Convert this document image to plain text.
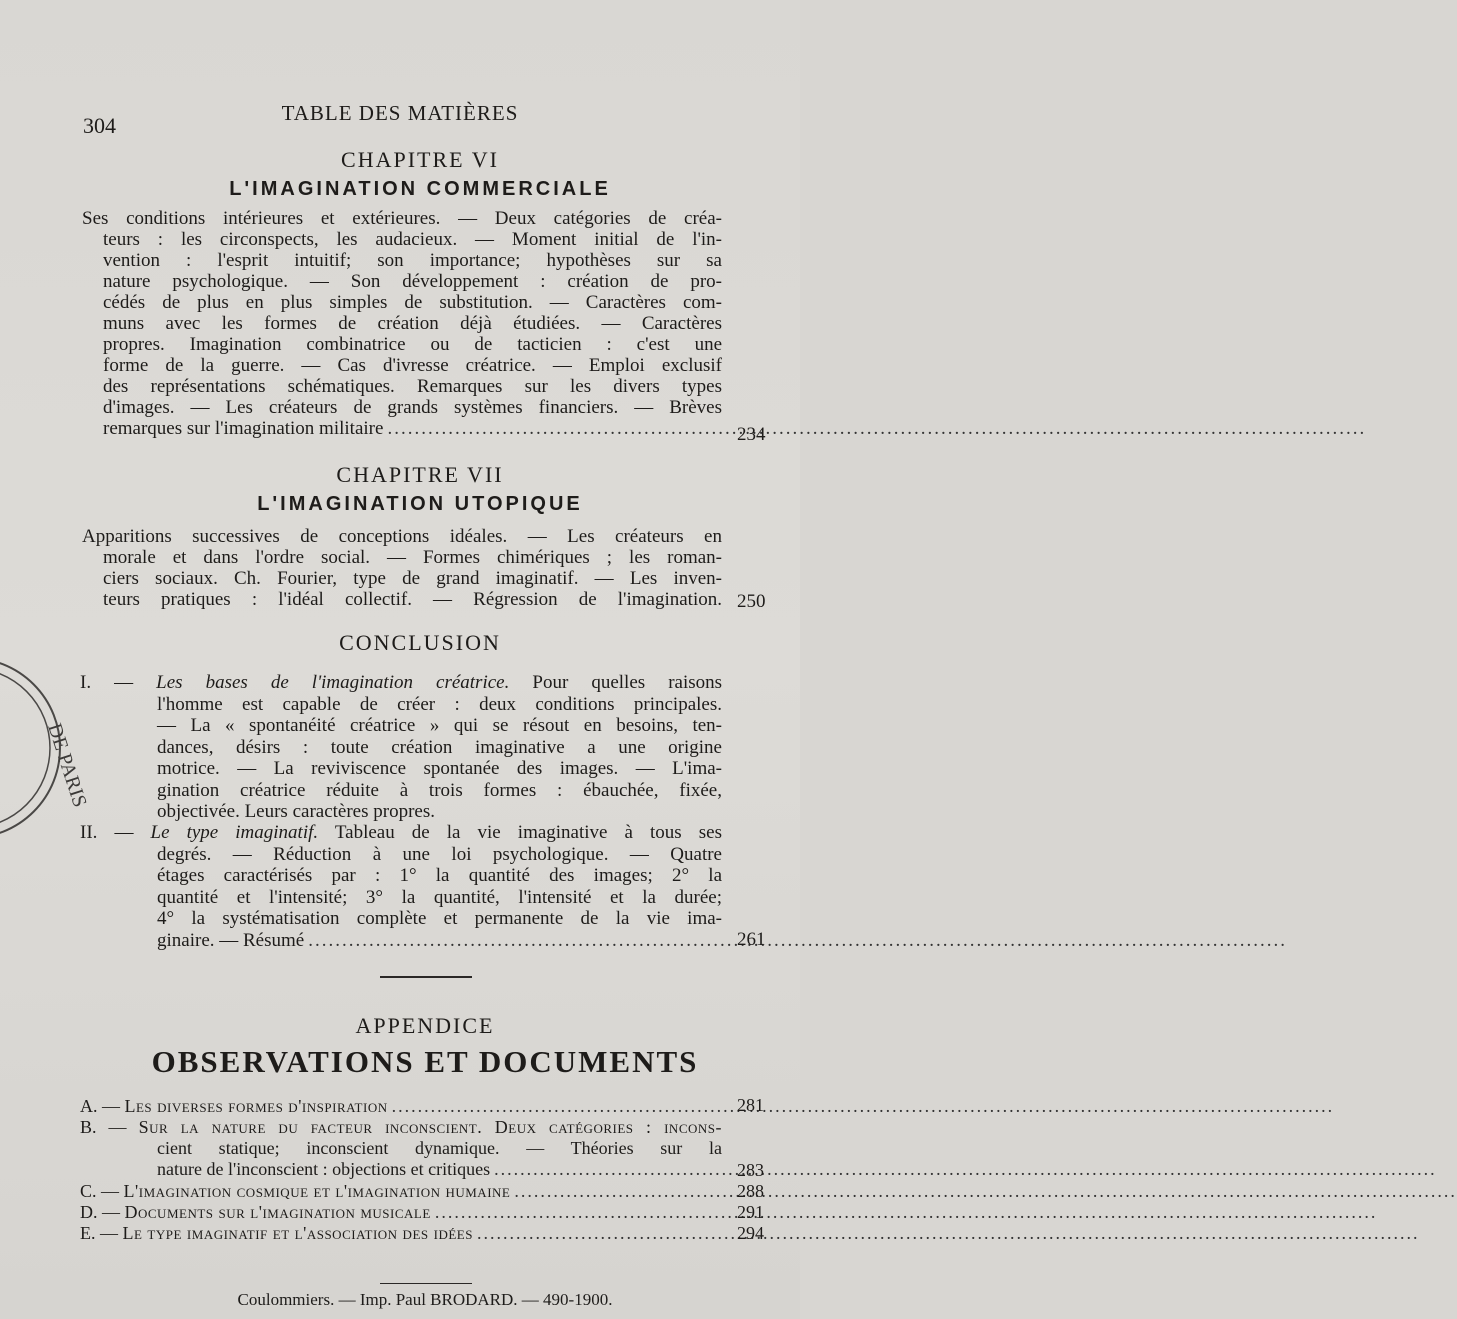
DE PARIS
304	TABLE DES MATIÈRES
CHAPITRE VI
L'IMAGINATION COMMERCIALE
Ses conditions intérieures et extérieures. — Deux catégories de créa-
teurs : les circonspects, les audacieux. — Moment initial de l'in-
vention : l'esprit intuitif; son importance; hypothèses sur sa
nature psychologique. — Son développement : création de pro-
cédés de plus en plus simples de substitution. — Caractères com-
muns avec les formes de création déjà étudiées. — Caractères
propres. Imagination combinatrice ou de tacticien : c'est une
forme de la guerre. — Cas d'ivresse créatrice. — Emploi exclusif
des représentations schématiques. Remarques sur les divers types
d'images. — Les créateurs de grands systèmes financiers. — Brèves
remarques sur l'imagination militaire .....	234
CHAPITRE VII
L'IMAGINATION UTOPIQUE
Apparitions successives de conceptions idéales. — Les créateurs en
morale et dans l'ordre social. — Formes chimériques ; les roman-
ciers sociaux. Ch. Fourier, type de grand imaginatif. — Les inven-
teurs pratiques : l'idéal collectif. — Régression de l'imagination. 250
CONCLUSION
I. — Les bases de l'imagination créatrice. Pour quelles raisons
l'homme est capable de créer : deux conditions principales.
— La « spontanéité créatrice » qui se résout en besoins, ten-
dances, désirs : toute création imaginative a une origine
motrice. — La reviviscence spontanée des images. — L'ima-
gination créatrice réduite à trois formes : ébauchée, fixée,
objectivée. Leurs caractères propres.
II. — Le type imaginatif. Tableau de la vie imaginative à tous ses
degrés. — Réduction à une loi psychologique. — Quatre
étages caractérisés par : 1° la quantité des images; 2° la
quantité et l'intensité; 3° la quantité, l'intensité et la durée;
4° la systématisation complète et permanente de la vie ima-
ginaire. — Résumé .....	261
APPENDICE
OBSERVATIONS ET DOCUMENTS
A. — Les diverses formes d'inspiration .....	281
B. — Sur la nature du facteur inconscient. Deux catégories : incons-
cient statique; inconscient dynamique. — Théories sur la
nature de l'inconscient : objections et critiques .....	283
C. — L'imagination cosmique et l'imagination humaine .....	288
D. — Documents sur l'imagination musicale .....	291
E. — Le type imaginatif et l'association des idées .....	294
Coulommiers. — Imp. Paul BRODARD. — 490-1900.
